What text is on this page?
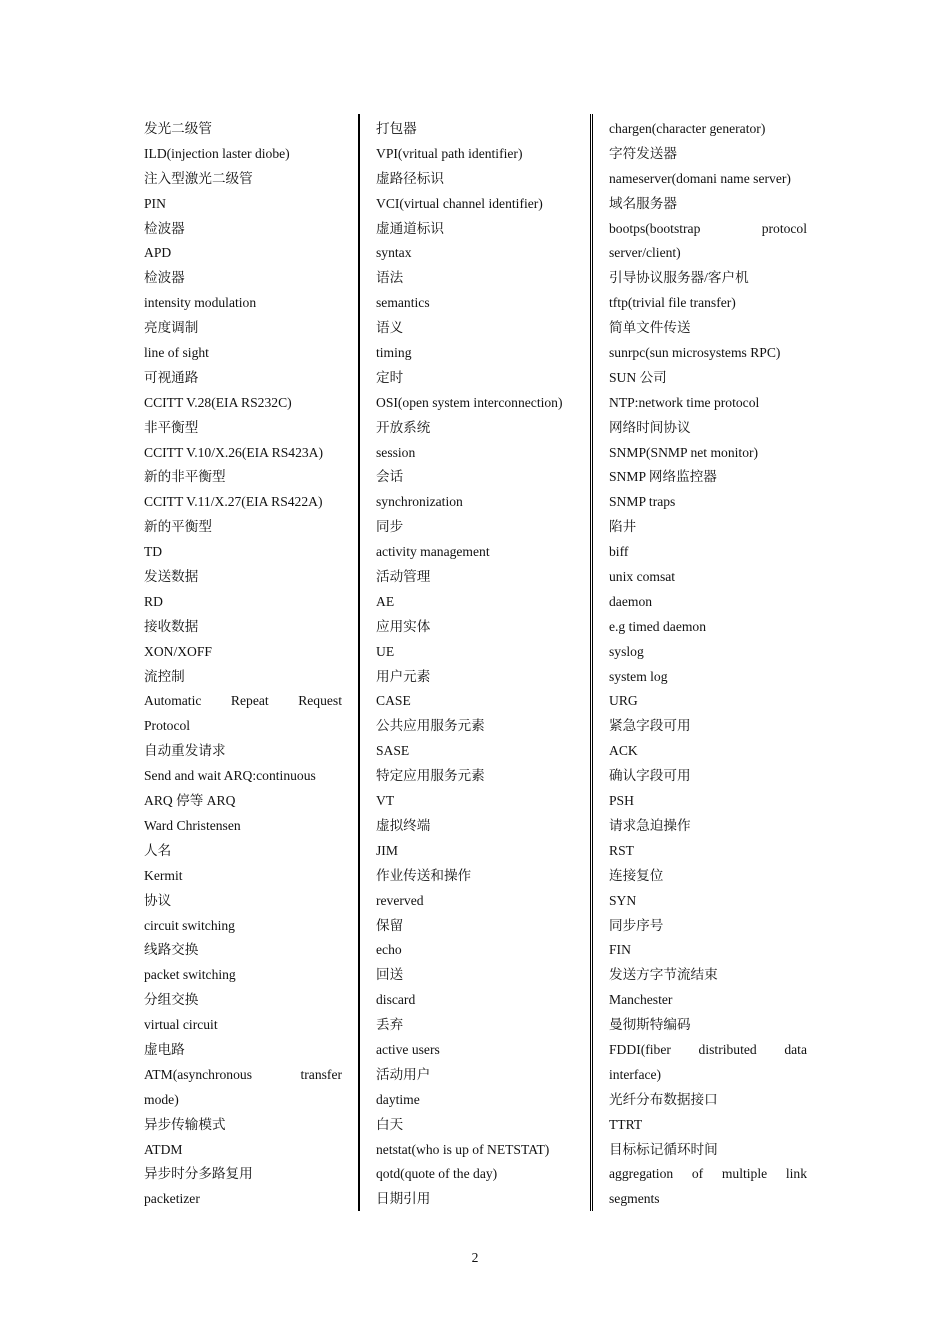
发光二级管
ILD(injection laster diobe)
注入型激光二级管
PIN
检波器
APD
检波器
intensity modulation
亮度调制
line of sight
可视通路
CCITT V.28(EIA RS232C)
非平衡型
CCITT V.10/X.26(EIA RS423A)
新的非平衡型
CCITT V.11/X.27(EIA RS422A)
新的平衡型
TD
发送数据
RD
接收数据
XON/XOFF
流控制
Automatic Repeat Request
Protocol
自动重发请求
Send and wait ARQ:continuous
ARQ 停等 ARQ
Ward Christensen
人名
Kermit
协议
circuit switching
线路交换
packet switching
分组交换
virtual circuit
虚电路
ATM(asynchronous transfer
mode)
异步传输模式
ATDM
异步时分多路复用
packetizer
打包器
VPI(vritual path identifier)
虚路径标识
VCI(virtual channel identifier)
虚通道标识
syntax
语法
semantics
语义
timing
定时
OSI(open system interconnection)
开放系统
session
会话
synchronization
同步
activity management
活动管理
AE
应用实体
UE
用户元素
CASE
公共应用服务元素
SASE
特定应用服务元素
VT
虚拟终端
JIM
作业传送和操作
reverved
保留
echo
回送
discard
丢弃
active users
活动用户
daytime
白天
netstat(who is up of NETSTAT)
qotd(quote of the day)
日期引用
chargen(character generator)
字符发送器
nameserver(domani name server)
域名服务器
bootps(bootstrap protocol
server/client)
引导协议服务器/客户机
tftp(trivial file transfer)
简单文件传送
sunrpc(sun microsystems RPC)
SUN 公司
NTP:network time protocol
网络时间协议
SNMP(SNMP net monitor)
SNMP 网络监控器
SNMP traps
陷井
biff
unix comsat
daemon
e.g timed daemon
syslog
system log
URG
紧急字段可用
ACK
确认字段可用
PSH
请求急迫操作
RST
连接复位
SYN
同步序号
FIN
发送方字节流结束
Manchester
曼彻斯特编码
FDDI(fiber distributed data
interface)
光纤分布数据接口
TTRT
目标标记循环时间
aggregation of multiple link
segments
2
